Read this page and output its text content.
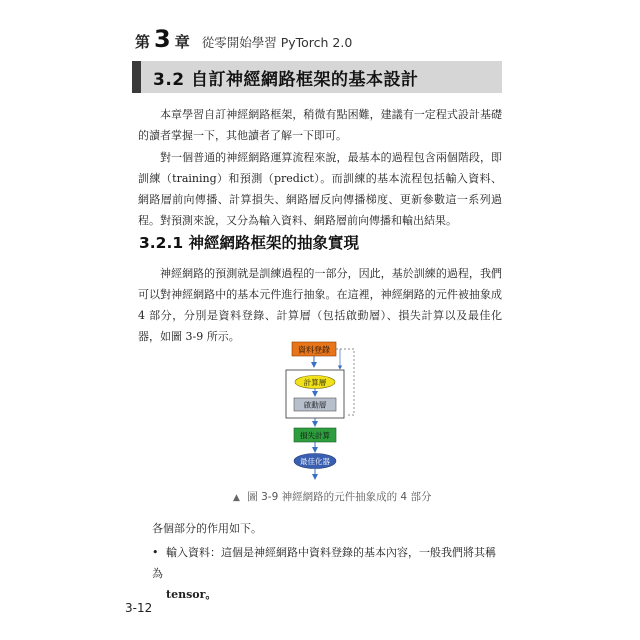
第 3 章 從零開始學習 PyTorch 2.0
3.2 自訂神經網路框架的基本設計

本章學習自訂神經網路框架，稍微有點困難，建議有一定程式設計基礎的讀者掌握一下，其他讀者了解一下即可。

對一個普通的神經網路運算流程來說，最基本的過程包含兩個階段，即訓練（training）和預測（predict）。而訓練的基本流程包括輸入資料、網路層前向傳播、計算損失、網路層反向傳播梯度、更新參數這一系列過程。對預測來說，又分為輸入資料、網路層前向傳播和輸出結果。

3.2.1 神經網路框架的抽象實現

神經網路的預測就是訓練過程的一部分，因此，基於訓練的過程，我們可以對神經網路中的基本元件進行抽象。在這裡，神經網路的元件被抽象成 4 部分，分別是資料登錄、計算層（包括啟動層）、損失計算以及最佳化器，如圖 3-9 所示。

資料登錄
計算層
啟動層
損失計算
最佳化器
▲ 圖 3-9 神經網路的元件抽象成的 4 部分

各個部分的作用如下。

• 輸入資料：這個是神經網路中資料登錄的基本內容，一般我們將其稱為
tensor。
3-12
